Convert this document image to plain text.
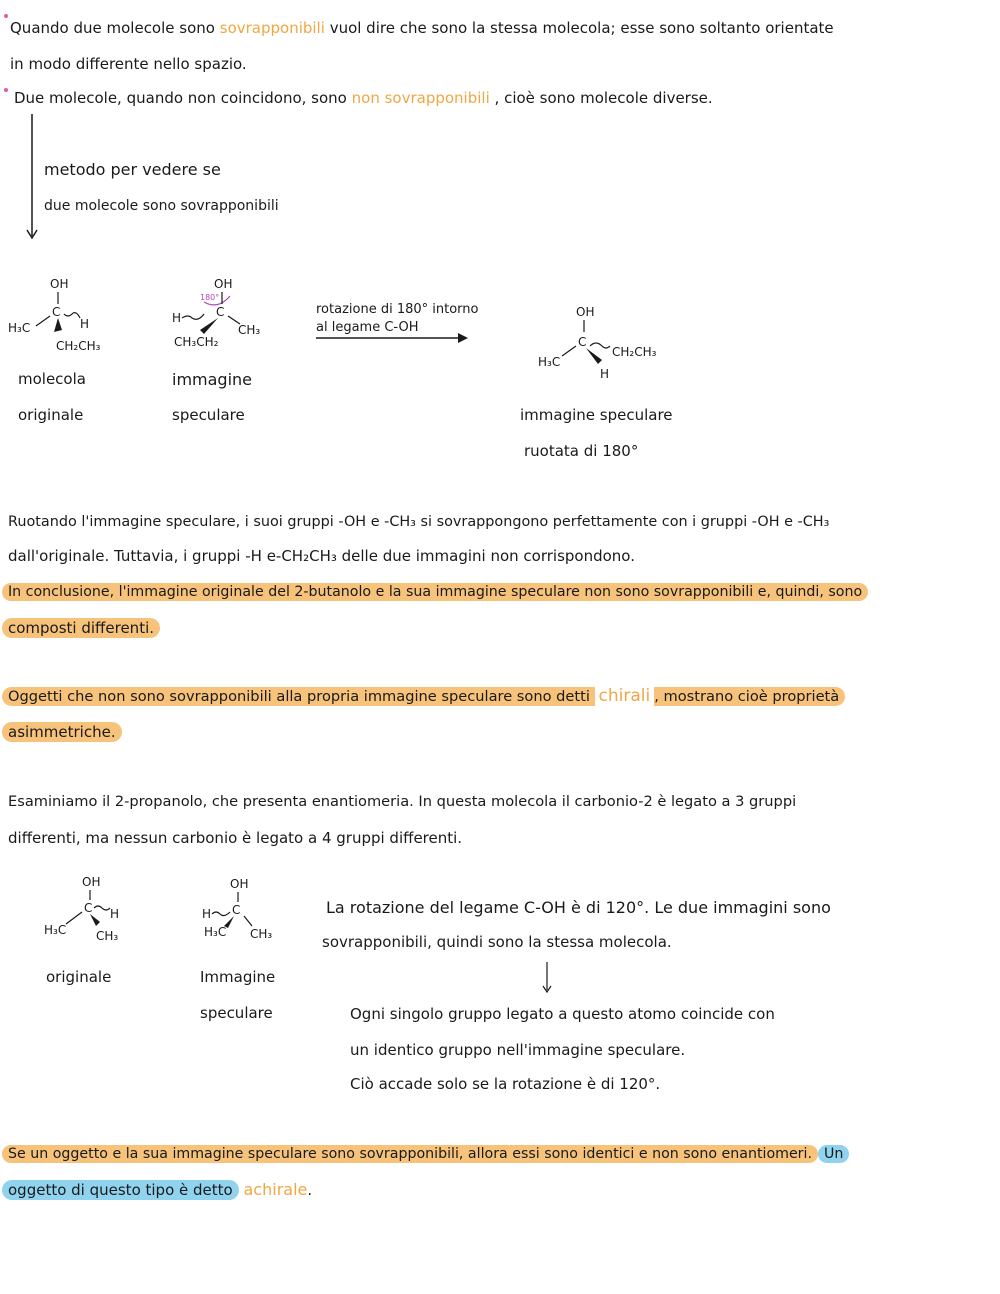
Quando due molecole sono sovrapponibili vuol dire che sono la stessa molecola; esse sono soltanto orientate
in modo differente nello spazio.
Due molecole, quando non coincidono, sono non sovrapponibili , cioè sono molecole diverse.
metodo per vedere se
due molecole sono sovrapponibili
OH
C
H₃C	H
CH₂CH₃
molecola
originale
OH
180°
C
H
CH₃
CH₃CH₂
immagine
speculare
rotazione di 180° intorno
al legame C-OH
OH
C
H₃C
CH₂CH₃
H
immagine speculare
ruotata di 180°
Ruotando l'immagine speculare, i suoi gruppi -OH e -CH₃ si sovrappongono perfettamente con i gruppi -OH e -CH₃
dall'originale. Tuttavia, i gruppi -H e-CH₂CH₃ delle due immagini non corrispondono.
In conclusione, l'immagine originale del 2-butanolo e la sua immagine speculare non sono sovrapponibili e, quindi, sono
composti differenti.
Oggetti che non sono sovrapponibili alla propria immagine speculare sono detti chirali , mostrano cioè proprietà
asimmetriche.
Esaminiamo il 2-propanolo, che presenta enantiomeria. In questa molecola il carbonio-2 è legato a 3 gruppi
differenti, ma nessun carbonio è legato a 4 gruppi differenti.
OH
C H
H₃C CH₃
originale
OH
C
H
H₃C CH₃
Immagine
speculare
La rotazione del legame C-OH è di 120°. Le due immagini sono
sovrapponibili, quindi sono la stessa molecola.
Ogni singolo gruppo legato a questo atomo coincide con
un identico gruppo nell'immagine speculare.
Ciò accade solo se la rotazione è di 120°.
Se un oggetto e la sua immagine speculare sono sovrapponibili, allora essi sono identici e non sono enantiomeri. Un
oggetto di questo tipo è detto achirale.
